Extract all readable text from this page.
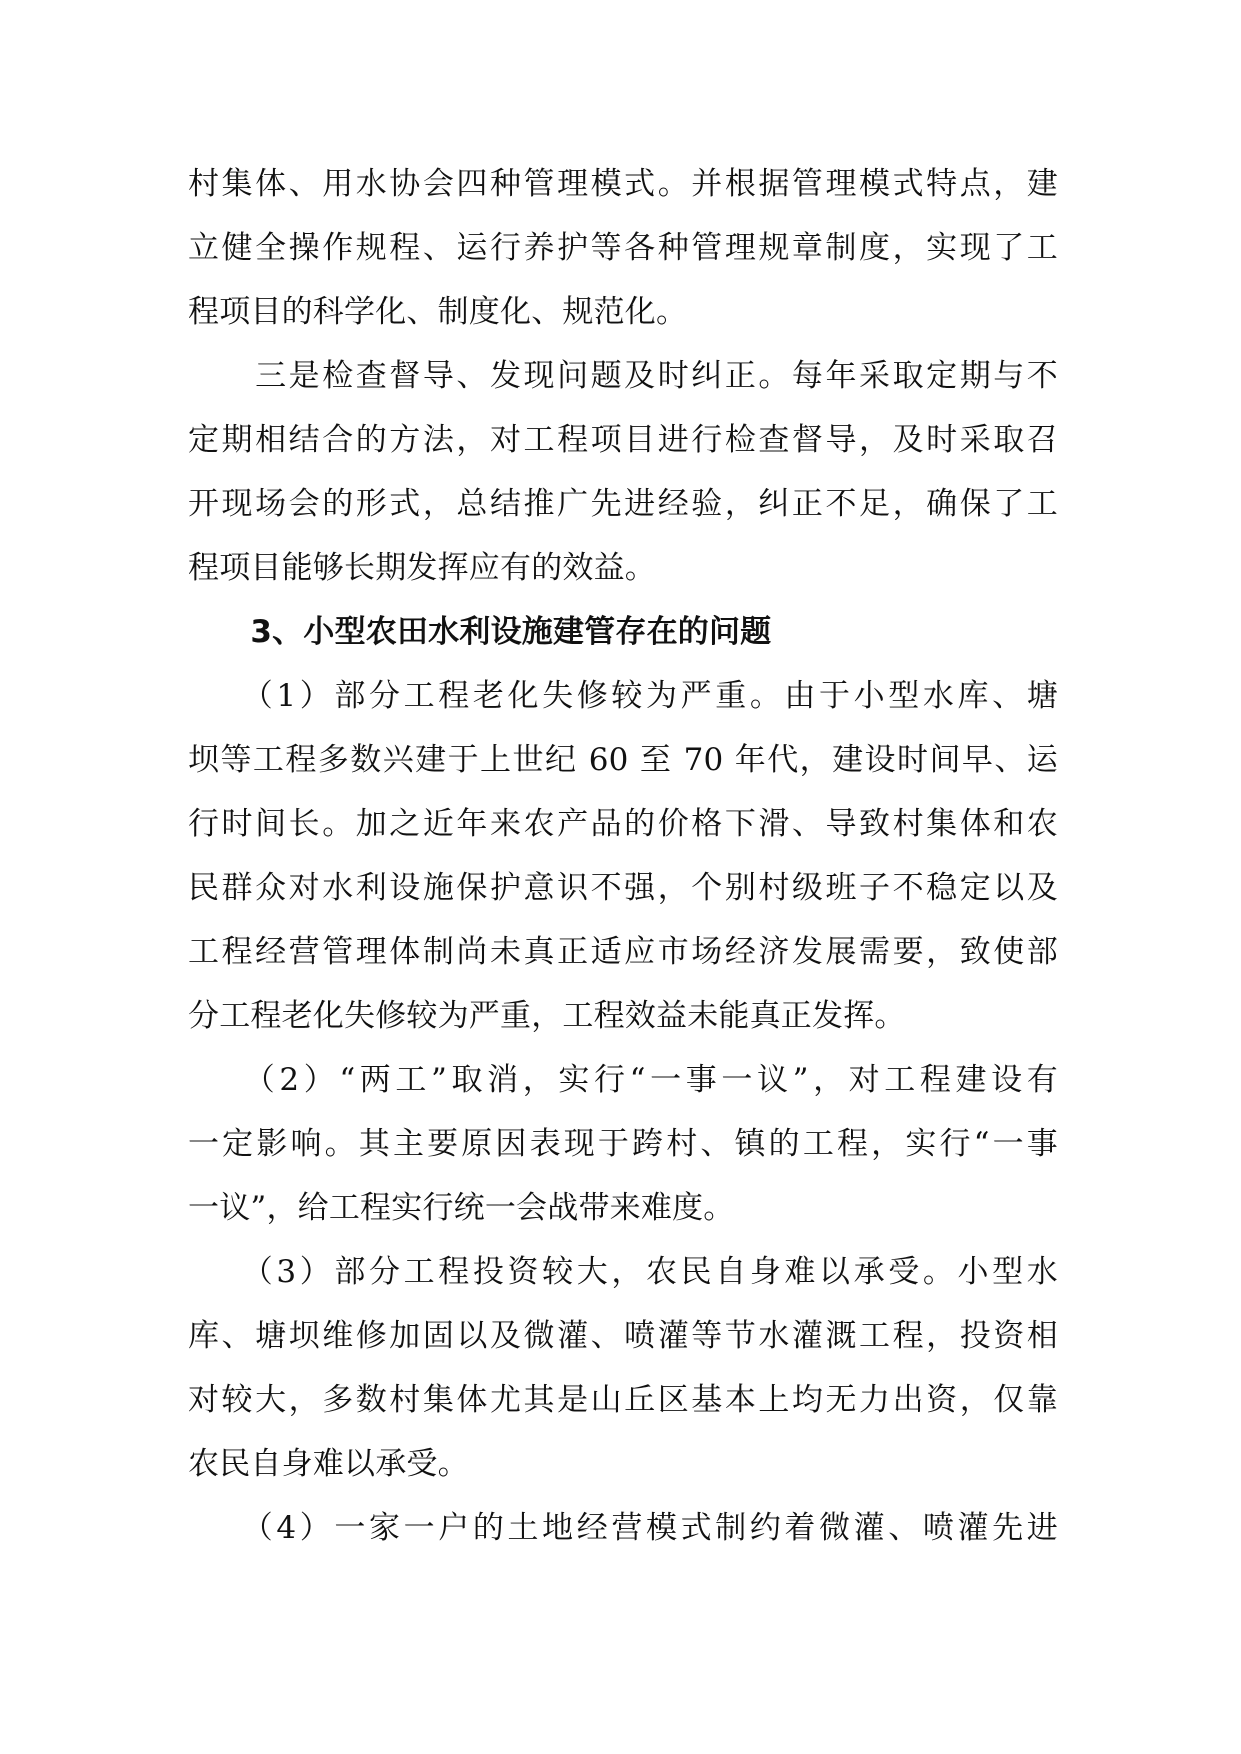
村集体、用水协会四种管理模式。并根据管理模式特点，建
立健全操作规程、运行养护等各种管理规章制度，实现了工
程项目的科学化、制度化、规范化。
　　三是检查督导、发现问题及时纠正。每年采取定期与不
定期相结合的方法，对工程项目进行检查督导，及时采取召
开现场会的形式，总结推广先进经验，纠正不足，确保了工
程项目能够长期发挥应有的效益。
　　3、小型农田水利设施建管存在的问题
　　（1）部分工程老化失修较为严重。由于小型水库、塘
坝等工程多数兴建于上世纪 60 至 70 年代，建设时间早、运
行时间长。加之近年来农产品的价格下滑、导致村集体和农
民群众对水利设施保护意识不强，个别村级班子不稳定以及
工程经营管理体制尚未真正适应市场经济发展需要，致使部
分工程老化失修较为严重，工程效益未能真正发挥。
　　（2）“两工”取消，实行“一事一议”，对工程建设有
一定影响。其主要原因表现于跨村、镇的工程，实行“一事
一议”，给工程实行统一会战带来难度。
　　（3）部分工程投资较大，农民自身难以承受。小型水
库、塘坝维修加固以及微灌、喷灌等节水灌溉工程，投资相
对较大，多数村集体尤其是山丘区基本上均无力出资，仅靠
农民自身难以承受。
　　（4）一家一户的土地经营模式制约着微灌、喷灌先进
